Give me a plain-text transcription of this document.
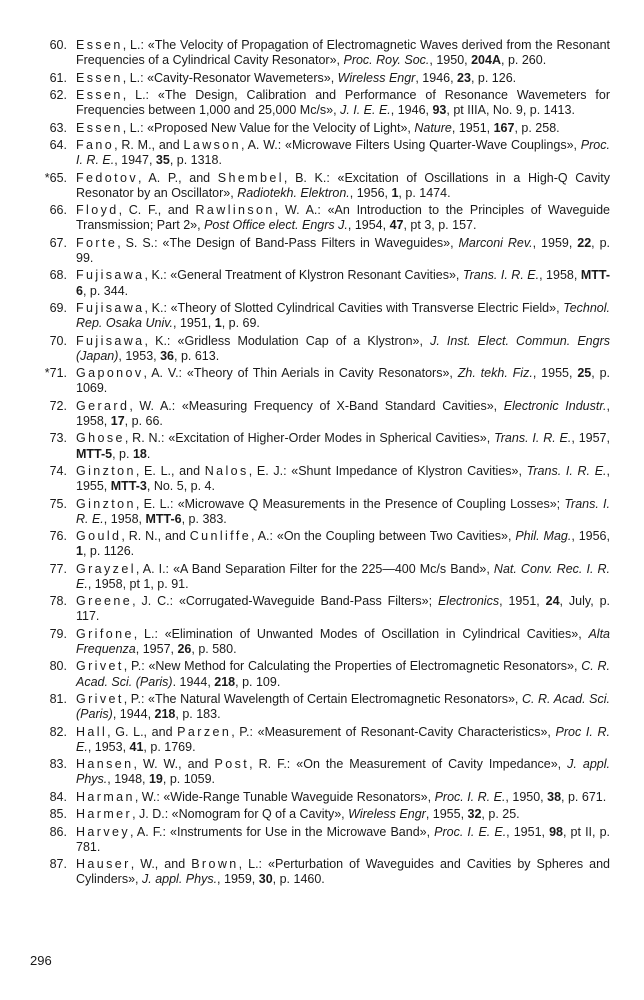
60. Essen, L.: «The Velocity of Propagation of Electromagnetic Waves derived from the Resonant Frequencies of a Cylindrical Cavity Resonator», Proc. Roy. Soc., 1950, 204A, p. 260.
61. Essen, L.: «Cavity-Resonator Wavemeters», Wireless Engr, 1946, 23, p. 126.
62. Essen, L.: «The Design, Calibration and Performance of Resonance Wavemeters for Frequencies between 1,000 and 25,000 Mc/s», J. I. E. E., 1946, 93, pt IIIA, No. 9, p. 1413.
63. Essen, L.: «Proposed New Value for the Velocity of Light», Nature, 1951, 167, p. 258.
64. Fano, R. M., and Lawson, A. W.: «Microwave Filters Using Quarter-Wave Couplings», Proc. I. R. E., 1947, 35, p. 1318.
*65. Fedotov, A. P., and Shembel, B. K.: «Excitation of Oscillations in a High-Q Cavity Resonator by an Oscillator», Radiotekh. Elektron., 1956, 1, p. 1474.
66. Floyd, C. F., and Rawlinson, W. A.: «An Introduction to the Principles of Waveguide Transmission; Part 2», Post Office elect. Engrs J., 1954, 47, pt 3, p. 157.
67. Forte, S. S.: «The Design of Band-Pass Filters in Waveguides», Marconi Rev., 1959, 22, p. 99.
68. Fujisawa, K.: «General Treatment of Klystron Resonant Cavities», Trans. I. R. E., 1958, MTT-6, p. 344.
69. Fujisawa, K.: «Theory of Slotted Cylindrical Cavities with Transverse Electric Field», Technol. Rep. Osaka Univ., 1951, 1, p. 69.
70. Fujisawa, K.: «Gridless Modulation Cap of a Klystron», J. Inst. Elect. Commun. Engrs (Japan), 1953, 36, p. 613.
*71. Gaponov, A. V.: «Theory of Thin Aerials in Cavity Resonators», Zh. tekh. Fiz., 1955, 25, p. 1069.
72. Gerard, W. A.: «Measuring Frequency of X-Band Standard Cavities», Electronic Industr., 1958, 17, p. 66.
73. Ghose, R. N.: «Excitation of Higher-Order Modes in Spherical Cavities», Trans. I. R. E., 1957, MTT-5, p. 18.
74. Ginzton, E. L., and Nalos, E. J.: «Shunt Impedance of Klystron Cavities», Trans. I. R. E., 1955, MTT-3, No. 5, p. 4.
75. Ginzton, E. L.: «Microwave Q Measurements in the Presence of Coupling Losses»; Trans. I. R. E., 1958, MTT-6, p. 383.
76. Gould, R. N., and Cunliffe, A.: «On the Coupling between Two Cavities», Phil. Mag., 1956, 1, p. 1126.
77. Grayzel, A. I.: «A Band Separation Filter for the 225—400 Mc/s Band», Nat. Conv. Rec. I. R. E., 1958, pt 1, p. 91.
78. Greene, J. C.: «Corrugated-Waveguide Band-Pass Filters»; Electronics, 1951, 24, July, p. 117.
79. Grifone, L.: «Elimination of Unwanted Modes of Oscillation in Cylindrical Cavities», Alta Frequenza, 1957, 26, p. 580.
80. Grivet, P.: «New Method for Calculating the Properties of Electromagnetic Resonators», C. R. Acad. Sci. (Paris). 1944, 218, p. 109.
81. Grivet, P.: «The Natural Wavelength of Certain Electromagnetic Resonators», C. R. Acad. Sci. (Paris), 1944, 218, p. 183.
82. Hall, G. L., and Parzen, P.: «Measurement of Resonant-Cavity Characteristics», Proc I. R. E., 1953, 41, p. 1769.
83. Hansen, W. W., and Post, R. F.: «On the Measurement of Cavity Impedance», J. appl. Phys., 1948, 19, p. 1059.
84. Harman, W.: «Wide-Range Tunable Waveguide Resonators», Proc. I. R. E., 1950, 38, p. 671.
85. Harmer, J. D.: «Nomogram for Q of a Cavity», Wireless Engr, 1955, 32, p. 25.
86. Harvey, A. F.: «Instruments for Use in the Microwave Band», Proc. I. E. E., 1951, 98, pt II, p. 781.
87. Hauser, W., and Brown, L.: «Perturbation of Waveguides and Cavities by Spheres and Cylinders», J. appl. Phys., 1959, 30, p. 1460.
296
